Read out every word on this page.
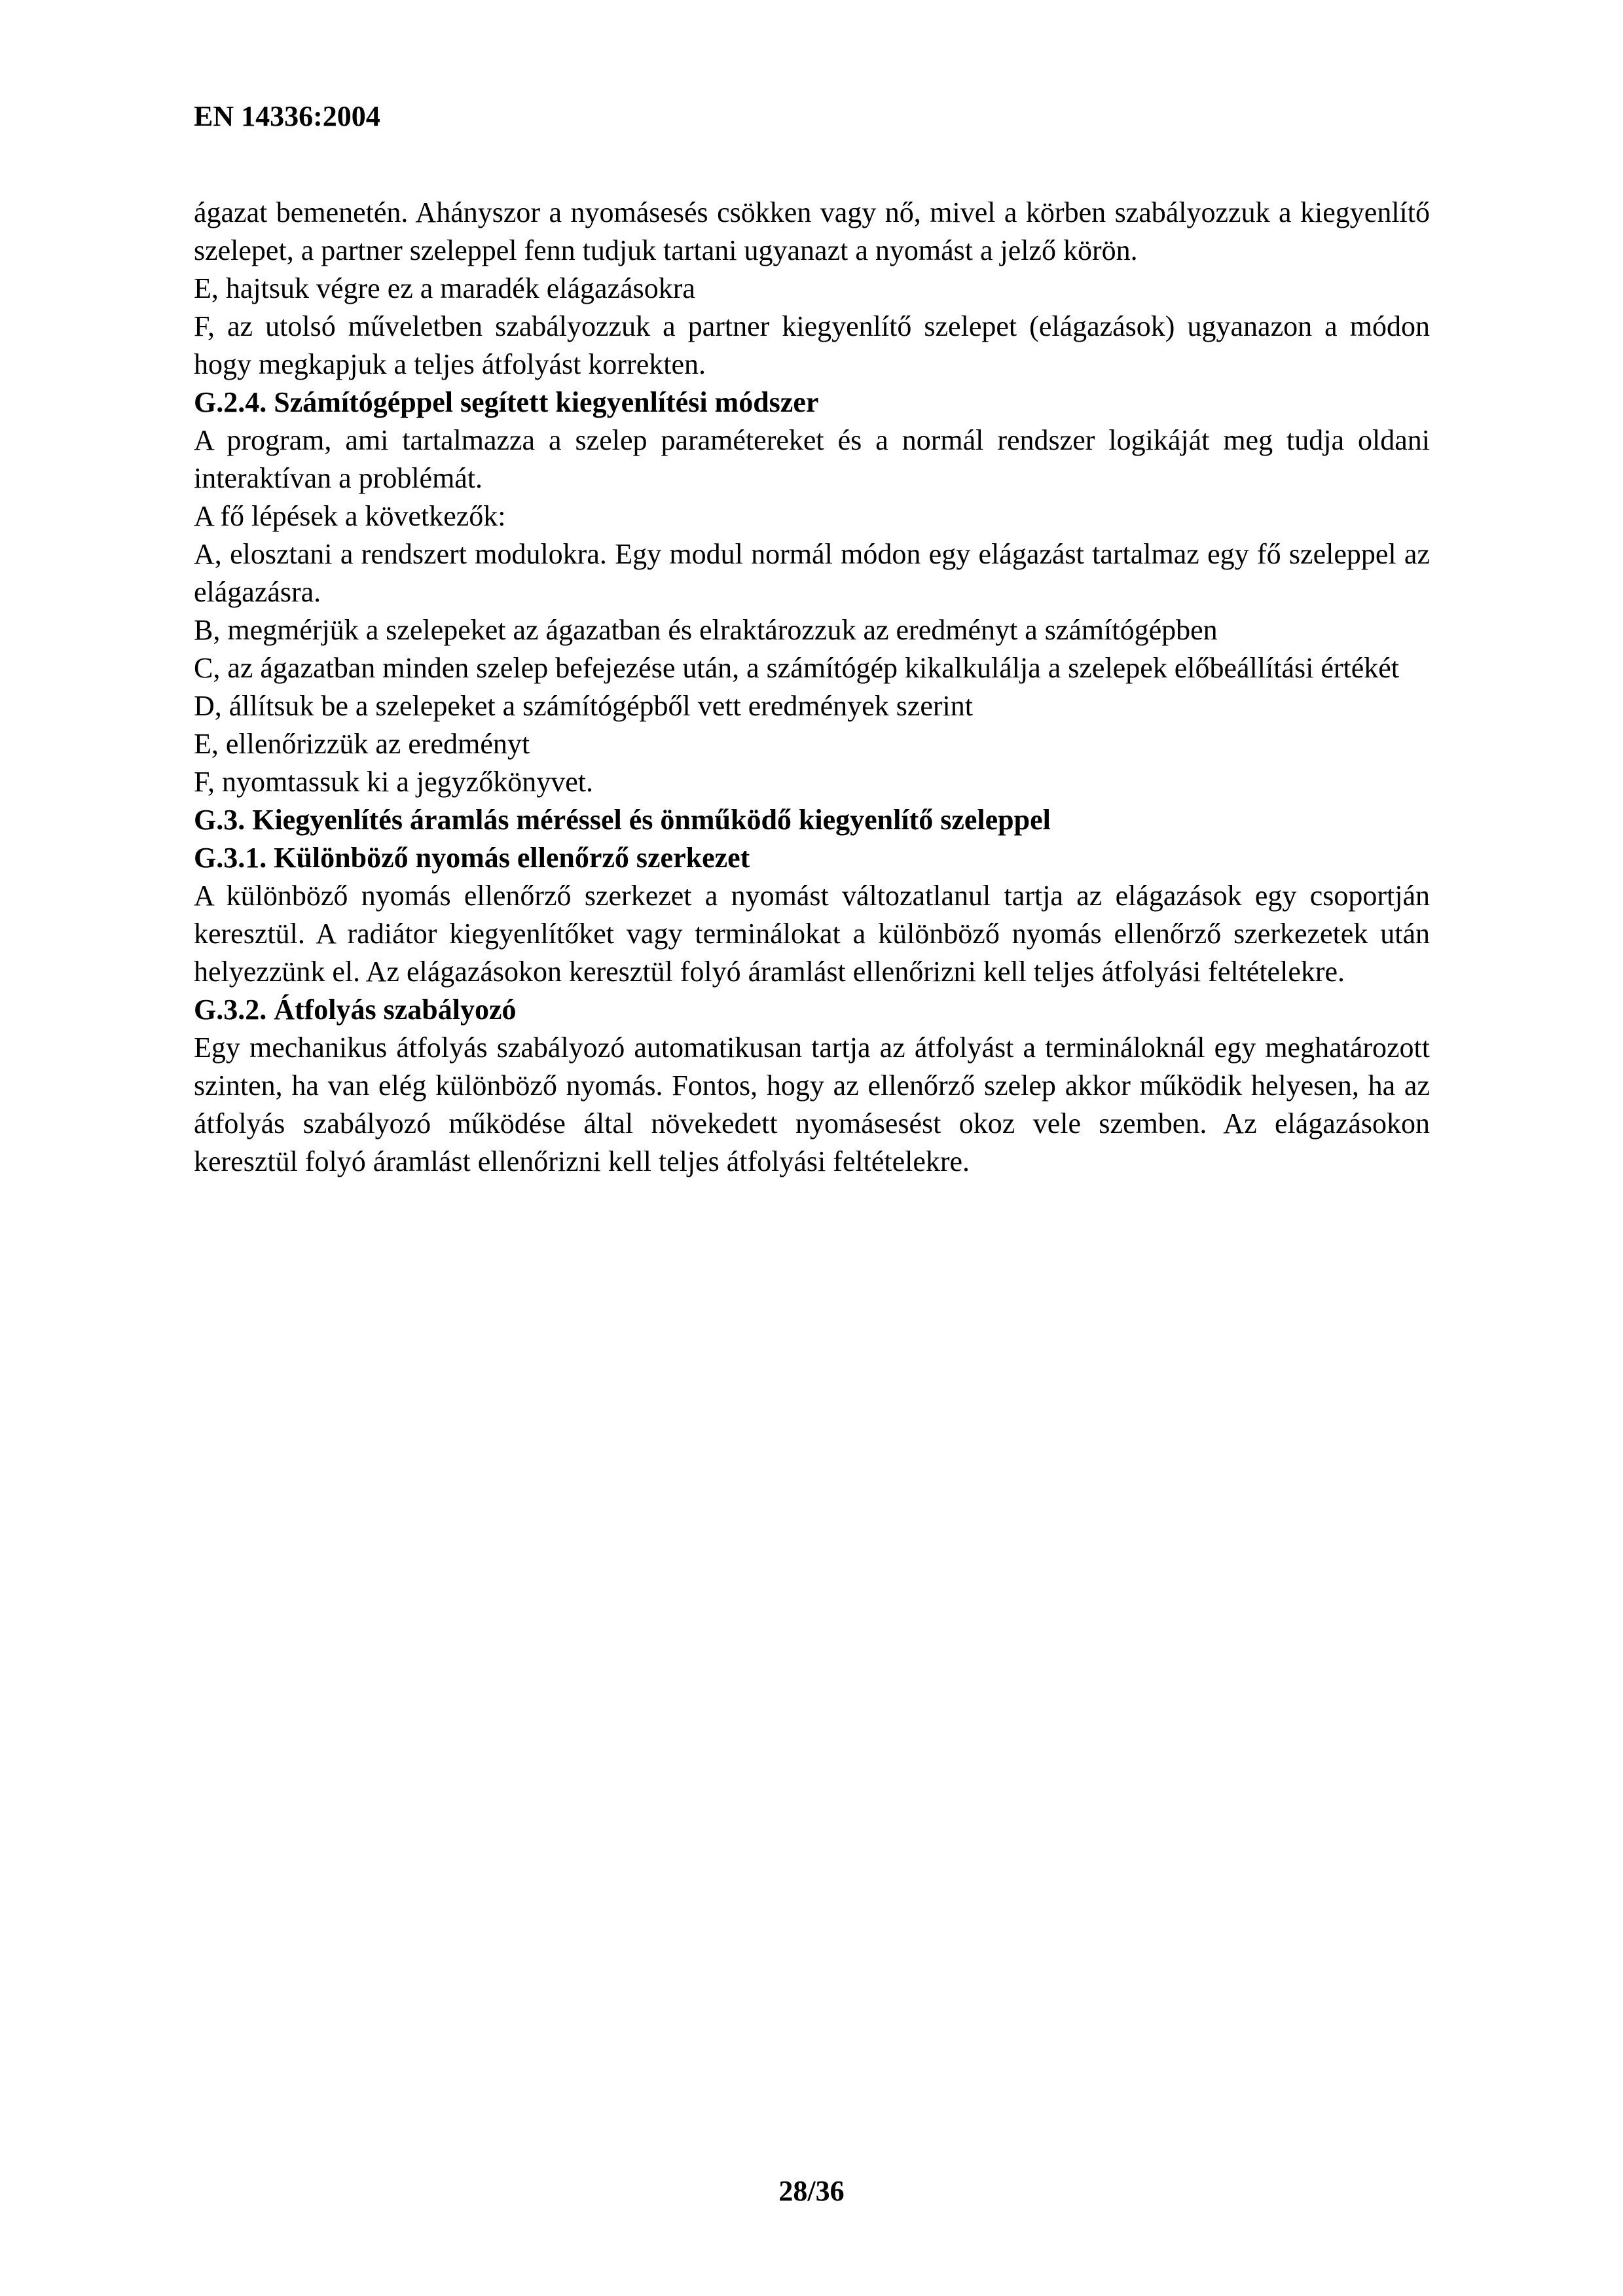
EN 14336:2004

ágazat bemenetén. Ahányszor a nyomásesés csökken vagy nő, mivel a körben szabályozzuk a kiegyenlítő szelepet, a partner szeleppel fenn tudjuk tartani ugyanazt a nyomást a jelző körön.

E, hajtsuk végre ez a maradék elágazásokra

F, az utolsó műveletben szabályozzuk a partner kiegyenlítő szelepet (elágazások) ugyanazon a módon hogy megkapjuk a teljes átfolyást korrekten.

G.2.4. Számítógéppel segített kiegyenlítési módszer

A program, ami tartalmazza a szelep paramétereket és a normál rendszer logikáját meg tudja oldani interaktívan a problémát.

A fő lépések a következők:

A, elosztani a rendszert modulokra. Egy modul normál módon egy elágazást tartalmaz egy fő szeleppel az elágazásra.

B, megmérjük a szelepeket az ágazatban és elraktározzuk az eredményt a számítógépben

C, az ágazatban minden szelep befejezése után, a számítógép kikalkulálja a szelepek előbeállítási értékét

D, állítsuk be a szelepeket a számítógépből vett eredmények szerint

E, ellenőrizzük az eredményt

F, nyomtassuk ki a jegyzőkönyvet.

G.3. Kiegyenlítés áramlás méréssel és önműködő kiegyenlítő szeleppel
G.3.1. Különböző nyomás ellenőrző szerkezet

A különböző nyomás ellenőrző szerkezet a nyomást változatlanul tartja az elágazások egy csoportján keresztül. A radiátor kiegyenlítőket vagy terminálokat a különböző nyomás ellenőrző szerkezetek után helyezzünk el. Az elágazásokon keresztül folyó áramlást ellenőrizni kell teljes átfolyási feltételekre.

G.3.2. Átfolyás szabályozó

Egy mechanikus átfolyás szabályozó automatikusan tartja az átfolyást a termináloknál egy meghatározott szinten, ha van elég különböző nyomás. Fontos, hogy az ellenőrző szelep akkor működik helyesen, ha az átfolyás szabályozó működése által növekedett nyomásesést okoz vele szemben. Az elágazásokon keresztül folyó áramlást ellenőrizni kell teljes átfolyási feltételekre.

28/36
